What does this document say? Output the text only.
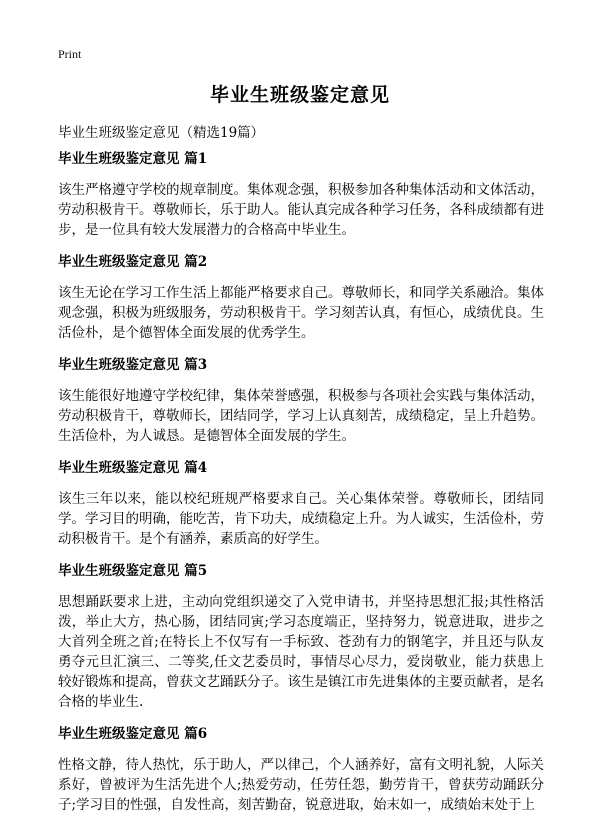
Print
毕业生班级鉴定意见
毕业生班级鉴定意见（精选19篇）
毕业生班级鉴定意见 篇1
该生严格遵守学校的规章制度。集体观念强，积极参加各种集体活动和文体活动，劳动积极肯干。尊敬师长，乐于助人。能认真完成各种学习任务，各科成绩都有进步，是一位具有较大发展潜力的合格高中毕业生。
毕业生班级鉴定意见 篇2
该生无论在学习工作生活上都能严格要求自己。尊敬师长，和同学关系融洽。集体观念强，积极为班级服务，劳动积极肯干。学习刻苦认真，有恒心，成绩优良。生活俭朴，是个德智体全面发展的优秀学生。
毕业生班级鉴定意见 篇3
该生能很好地遵守学校纪律，集体荣誉感强，积极参与各项社会实践与集体活动，劳动积极肯干，尊敬师长，团结同学，学习上认真刻苦，成绩稳定，呈上升趋势。生活俭朴，为人诚恳。是德智体全面发展的学生。
毕业生班级鉴定意见 篇4
该生三年以来，能以校纪班规严格要求自己。关心集体荣誉。尊敬师长，团结同学。学习目的明确，能吃苦，肯下功夫，成绩稳定上升。为人诚实，生活俭朴，劳动积极肯干。是个有涵养，素质高的好学生。
毕业生班级鉴定意见 篇5
思想踊跃要求上进，主动向党组织递交了入党申请书，并坚持思想汇报;其性格活泼，举止大方，热心肠，团结同寅;学习态度端正，坚持努力，锐意进取，进步之大首列全班之首;在特长上不仅写有一手标致、苍劲有力的钢笔字，并且还与队友勇夺元旦汇演三、二等奖,任文艺委员时，事情尽心尽力，爱岗敬业，能力获患上较好锻炼和提高，曾获文艺踊跃分子。该生是镇江市先进集体的主要贡献者，是名合格的毕业生.
毕业生班级鉴定意见 篇6
性格文静，待人热忱，乐于助人，严以律己，个人涵养好，富有文明礼貌，人际关系好，曾被评为生活先进个人;热爱劳动，任劳任怨，勤劳肯干，曾获劳动踊跃分子;学习目的性强，自发性高，刻苦勤奋，锐意进取，始末如一，成绩始末处于上
